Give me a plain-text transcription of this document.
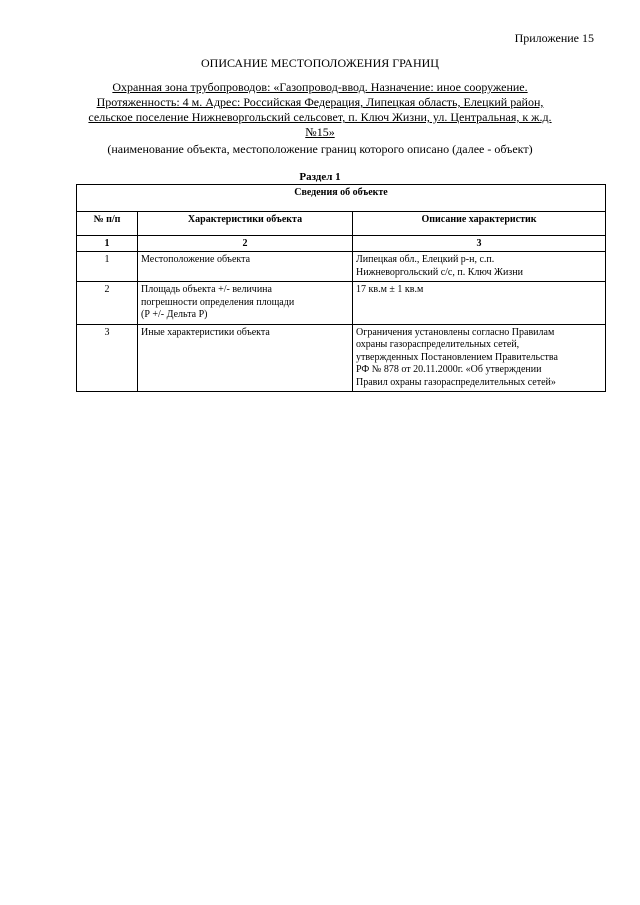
Приложение 15
ОПИСАНИЕ МЕСТОПОЛОЖЕНИЯ ГРАНИЦ
Охранная зона трубопроводов: «Газопровод-ввод. Назначение: иное сооружение.
Протяженность: 4 м. Адрес: Российская Федерация, Липецкая область, Елецкий район,
сельское поселение Нижневоргольский сельсовет, п. Ключ Жизни, ул. Центральная, к ж.д.
№15»
(наименование объекта, местоположение границ которого описано (далее - объект)
Раздел 1
Сведения об объекте		
№ п/п	Характеристики объекта	Описание характеристик
1	2	3
1	Местоположение объекта	Липецкая обл., Елецкий р-н, с.п.
Нижневоргольский с/с, п. Ключ Жизни

2	Площадь объекта +/- величина
погрешности определения площади
(Р +/- Дельта Р)	17 кв.м ± 1 кв.м

3	Иные характеристики объекта	Ограничения установлены согласно Правилам
охраны газораспределительных сетей,
утвержденных Постановлением Правительства
РФ № 878 от 20.11.2000г. «Об утверждении
Правил охраны газораспределительных сетей»
